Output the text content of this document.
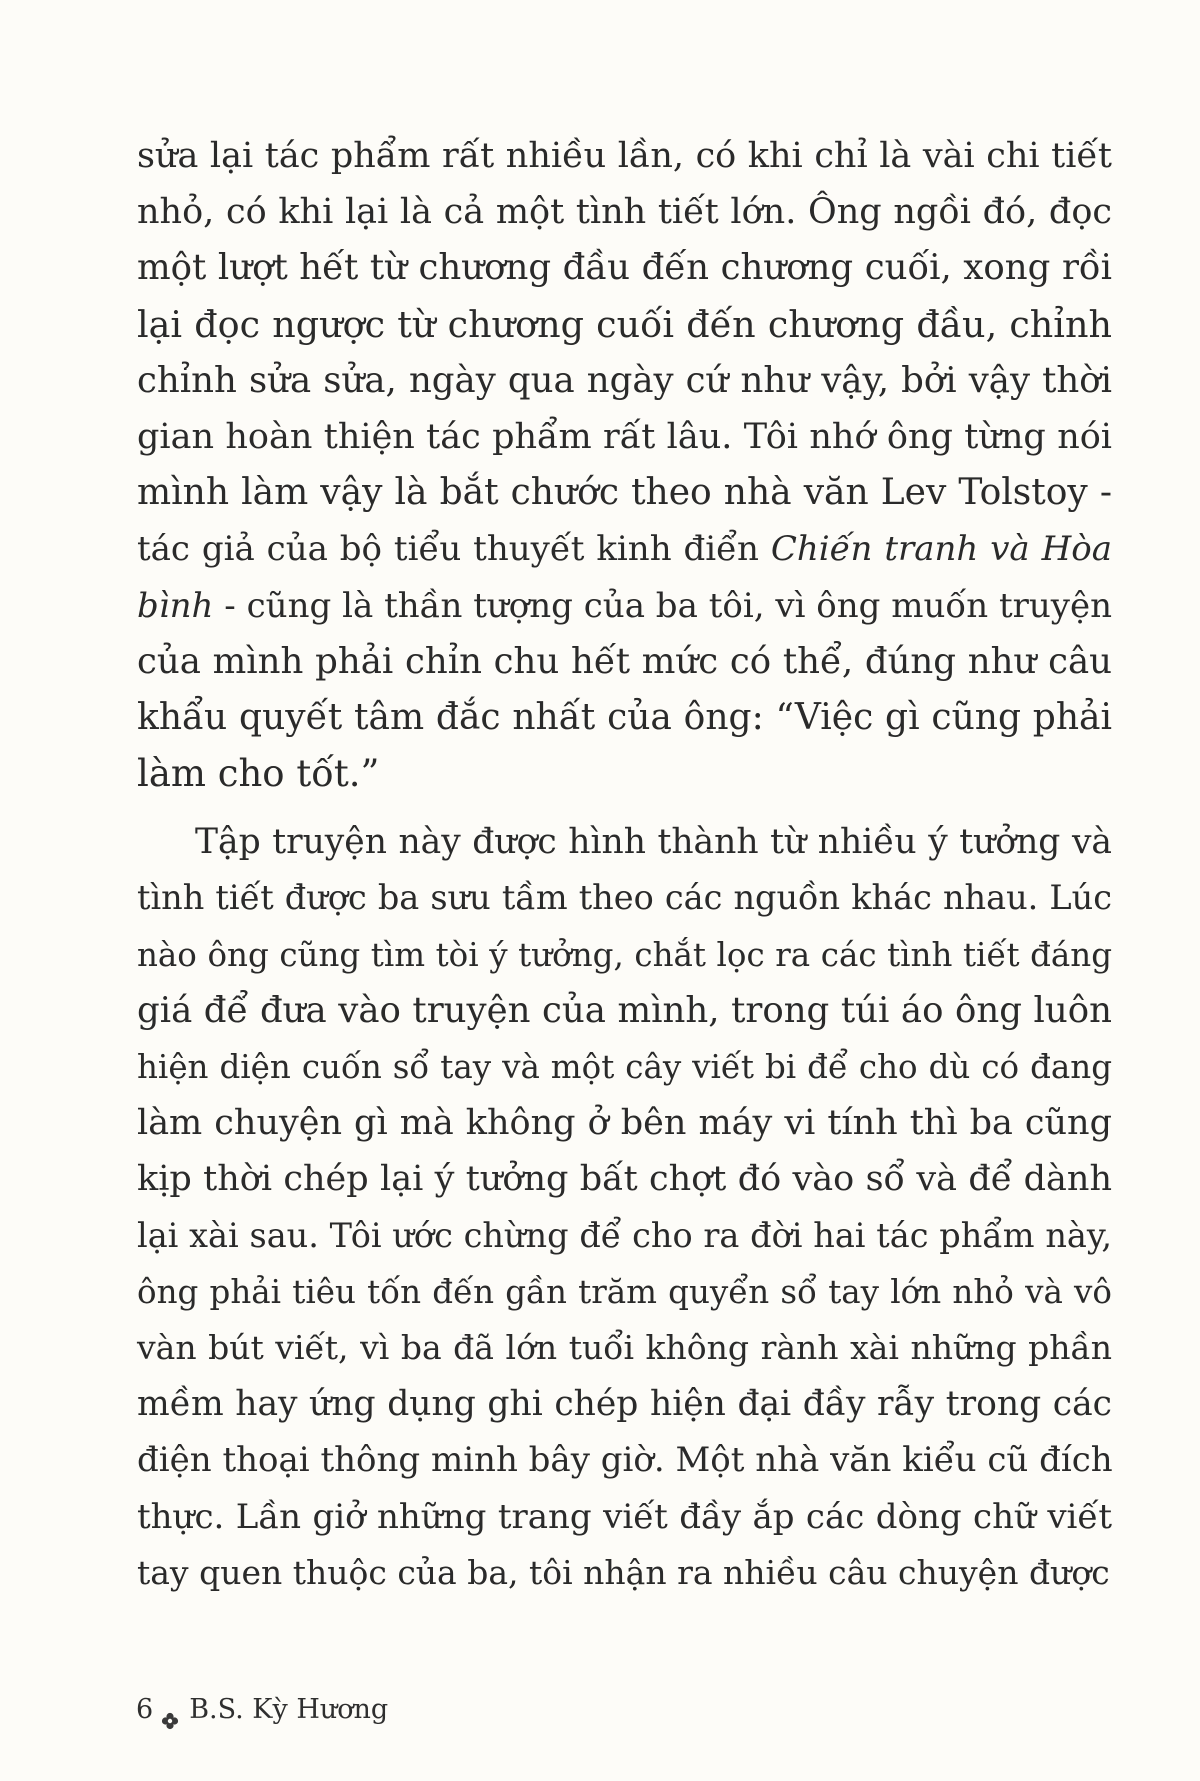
sửa lại tác phẩm rất nhiều lần, có khi chỉ là vài chi tiết
nhỏ, có khi lại là cả một tình tiết lớn. Ông ngồi đó, đọc
một lượt hết từ chương đầu đến chương cuối, xong rồi
lại đọc ngược từ chương cuối đến chương đầu, chỉnh
chỉnh sửa sửa, ngày qua ngày cứ như vậy, bởi vậy thời
gian hoàn thiện tác phẩm rất lâu. Tôi nhớ ông từng nói
mình làm vậy là bắt chước theo nhà văn Lev Tolstoy -
tác giả của bộ tiểu thuyết kinh điển Chiến tranh và Hòa
bình - cũng là thần tượng của ba tôi, vì ông muốn truyện
của mình phải chỉn chu hết mức có thể, đúng như câu
khẩu quyết tâm đắc nhất của ông: “Việc gì cũng phải
làm cho tốt.”
Tập truyện này được hình thành từ nhiều ý tưởng và
tình tiết được ba sưu tầm theo các nguồn khác nhau. Lúc
nào ông cũng tìm tòi ý tưởng, chắt lọc ra các tình tiết đáng
giá để đưa vào truyện của mình, trong túi áo ông luôn
hiện diện cuốn sổ tay và một cây viết bi để cho dù có đang
làm chuyện gì mà không ở bên máy vi tính thì ba cũng
kịp thời chép lại ý tưởng bất chợt đó vào sổ và để dành
lại xài sau. Tôi ước chừng để cho ra đời hai tác phẩm này,
ông phải tiêu tốn đến gần trăm quyển sổ tay lớn nhỏ và vô
vàn bút viết, vì ba đã lớn tuổi không rành xài những phần
mềm hay ứng dụng ghi chép hiện đại đầy rẫy trong các
điện thoại thông minh bây giờ. Một nhà văn kiểu cũ đích
thực. Lần giở những trang viết đầy ắp các dòng chữ viết
tay quen thuộc của ba, tôi nhận ra nhiều câu chuyện được
6 B.S. Kỳ Hương
